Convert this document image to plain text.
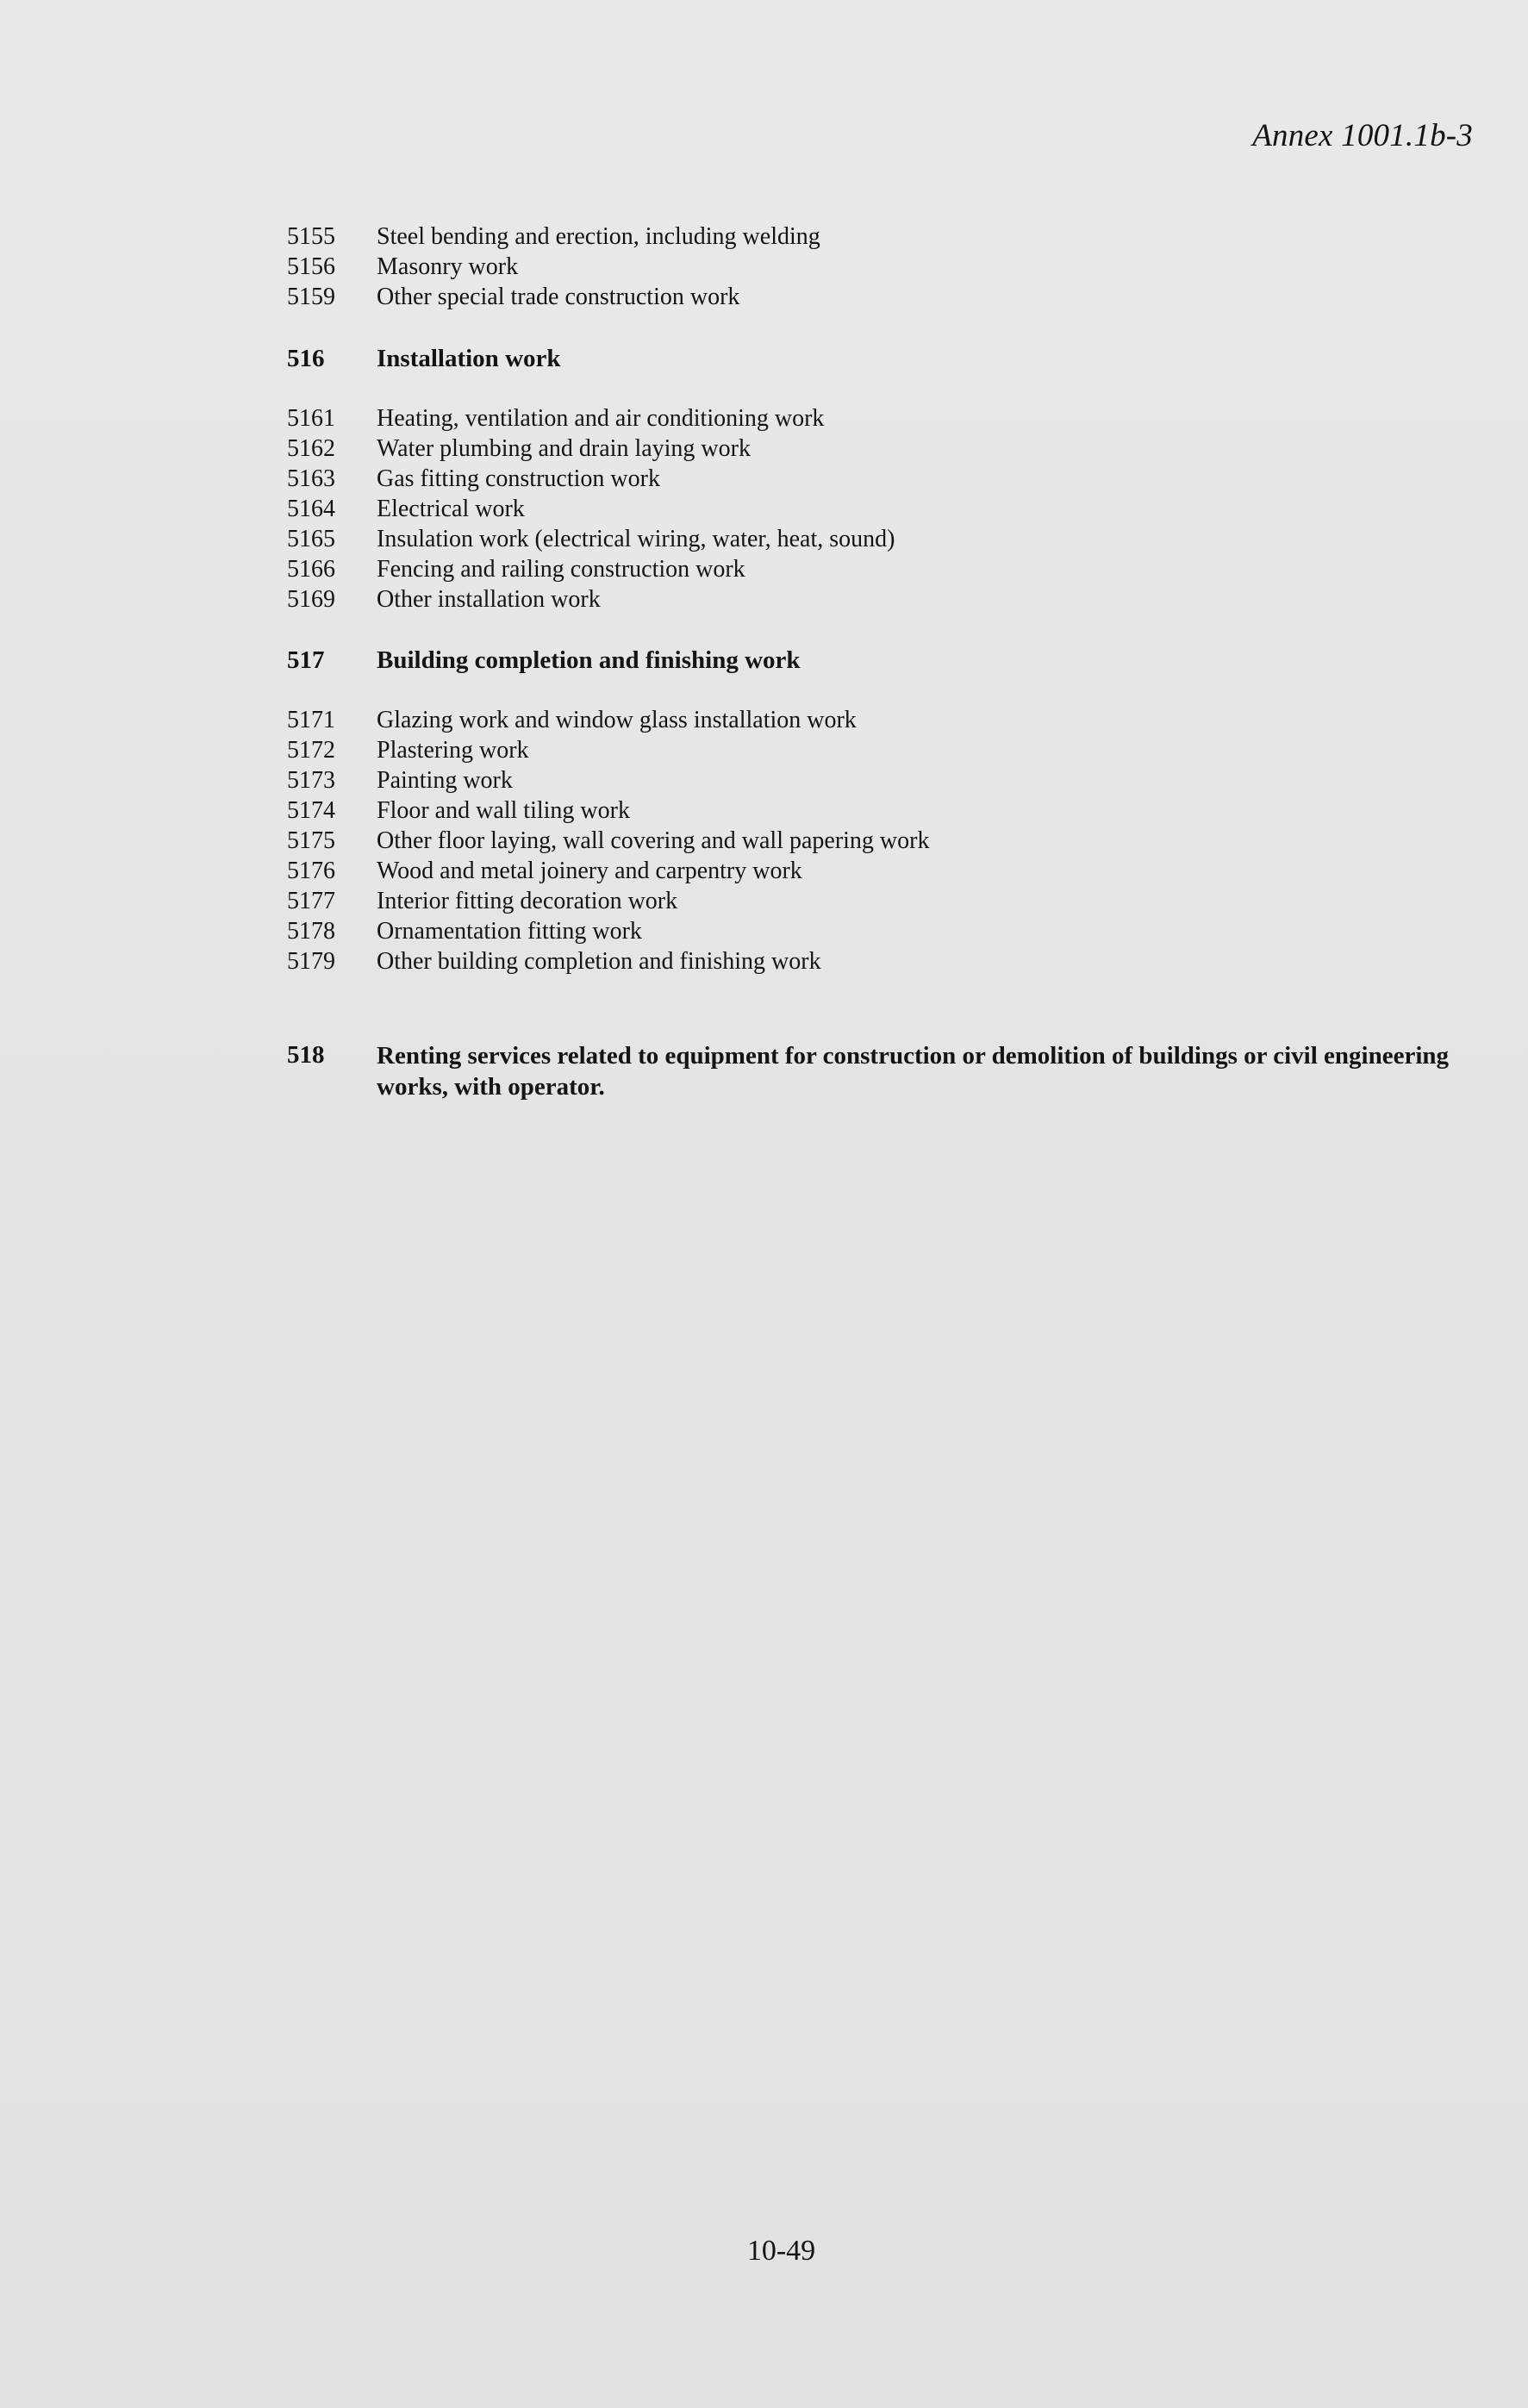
Annex 1001.1b-3
5155	Steel bending and erection, including welding
5156	Masonry work
5159	Other special trade construction work
516	Installation work
5161	Heating, ventilation and air conditioning work
5162	Water plumbing and drain laying work
5163	Gas fitting construction work
5164	Electrical work
5165	Insulation work (electrical wiring, water, heat, sound)
5166	Fencing and railing construction work
5169	Other installation work
517	Building completion and finishing work
5171	Glazing work and window glass installation work
5172	Plastering work
5173	Painting work
5174	Floor and wall tiling work
5175	Other floor laying, wall covering and wall papering work
5176	Wood and metal joinery and carpentry work
5177	Interior fitting decoration work
5178	Ornamentation fitting work
5179	Other building completion and finishing work
518	Renting services related to equipment for construction or demolition of buildings or civil engineering works, with operator.
10-49
